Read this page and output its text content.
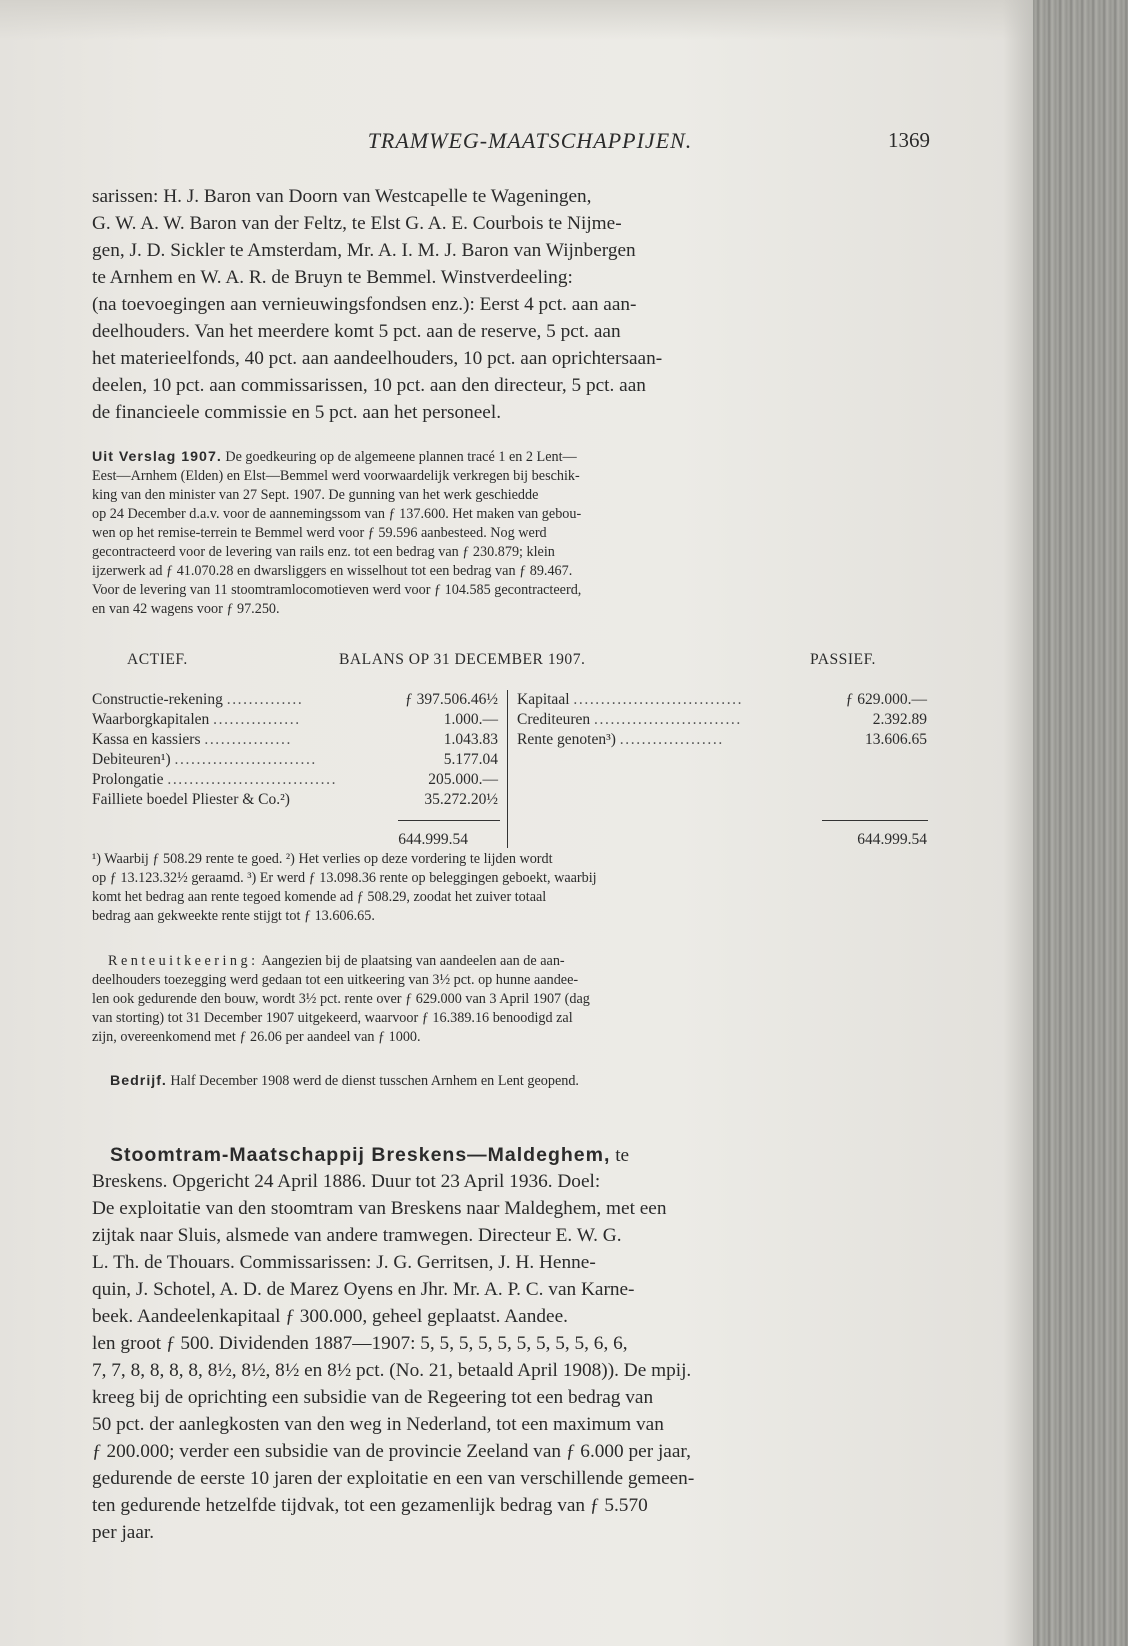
TRAMWEG-MAATSCHAPPIJEN.	1369
sarissen: H. J. Baron van Doorn van Westcapelle te Wageningen,
G. W. A. W. Baron van der Feltz, te Elst G. A. E. Courbois te Nijme-
gen, J. D. Sickler te Amsterdam, Mr. A. I. M. J. Baron van Wijnbergen
te Arnhem en W. A. R. de Bruyn te Bemmel. Winstverdeeling:
(na toevoegingen aan vernieuwingsfondsen enz.): Eerst 4 pct. aan aan-
deelhouders. Van het meerdere komt 5 pct. aan de reserve, 5 pct. aan
het materieelfonds, 40 pct. aan aandeelhouders, 10 pct. aan oprichtersaan-
deelen, 10 pct. aan commissarissen, 10 pct. aan den directeur, 5 pct. aan
de financieele commissie en 5 pct. aan het personeel.
Uit Verslag 1907. De goedkeuring op de algemeene plannen tracé 1 en 2 Lent—
Eest—Arnhem (Elden) en Elst—Bemmel werd voorwaardelijk verkregen bij beschik-
king van den minister van 27 Sept. 1907. De gunning van het werk geschiedde
op 24 December d.a.v. voor de aannemingssom van ƒ 137.600. Het maken van gebou-
wen op het remise-terrein te Bemmel werd voor ƒ 59.596 aanbesteed. Nog werd
gecontracteerd voor de levering van rails enz. tot een bedrag van ƒ 230.879; klein
ijzerwerk ad ƒ 41.070.28 en dwarsliggers en wisselhout tot een bedrag van ƒ 89.467.
Voor de levering van 11 stoomtramlocomotieven werd voor ƒ 104.585 gecontracteerd,
en van 42 wagens voor ƒ 97.250.
ACTIEF.	BALANS OP 31 DECEMBER 1907.	PASSIEF.
Constructie-rekening ..............	ƒ 397.506.46½
Waarborgkapitalen ................	1.000.—
Kassa en kassiers ................	1.043.83
Debiteuren¹) ..........................	5.177.04
Prolongatie ...............................	205.000.—
Failliete boedel Pliester & Co.²)	35.272.20½
Kapitaal ...............................	ƒ 629.000.—
Crediteuren ...........................	2.392.89
Rente genoten³) ...................	13.606.65
644.999.54	644.999.54
¹) Waarbij ƒ 508.29 rente te goed. ²) Het verlies op deze vordering te lijden wordt
op ƒ 13.123.32½ geraamd. ³) Er werd ƒ 13.098.36 rente op beleggingen geboekt, waarbij
komt het bedrag aan rente tegoed komende ad ƒ 508.29, zoodat het zuiver totaal
bedrag aan gekweekte rente stijgt tot ƒ 13.606.65.
Renteuitkeering: Aangezien bij de plaatsing van aandeelen aan de aan-
deelhouders toezegging werd gedaan tot een uitkeering van 3½ pct. op hunne aandee-
len ook gedurende den bouw, wordt 3½ pct. rente over ƒ 629.000 van 3 April 1907 (dag
van storting) tot 31 December 1907 uitgekeerd, waarvoor ƒ 16.389.16 benoodigd zal
zijn, overeenkomend met ƒ 26.06 per aandeel van ƒ 1000.
Bedrijf. Half December 1908 werd de dienst tusschen Arnhem en Lent geopend.
Stoomtram-Maatschappij Breskens—Maldeghem, te
Breskens. Opgericht 24 April 1886. Duur tot 23 April 1936. Doel:
De exploitatie van den stoomtram van Breskens naar Maldeghem, met een
zijtak naar Sluis, alsmede van andere tramwegen. Directeur E. W. G.
L. Th. de Thouars. Commissarissen: J. G. Gerritsen, J. H. Henne-
quin, J. Schotel, A. D. de Marez Oyens en Jhr. Mr. A. P. C. van Karne-
beek. Aandeelenkapitaal ƒ 300.000, geheel geplaatst. Aandee.
len groot ƒ 500. Dividenden 1887—1907: 5, 5, 5, 5, 5, 5, 5, 5, 5, 6, 6,
7, 7, 8, 8, 8, 8, 8½, 8½, 8½ en 8½ pct. (No. 21, betaald April 1908)). De mpij.
kreeg bij de oprichting een subsidie van de Regeering tot een bedrag van
50 pct. der aanlegkosten van den weg in Nederland, tot een maximum van
ƒ 200.000; verder een subsidie van de provincie Zeeland van ƒ 6.000 per jaar,
gedurende de eerste 10 jaren der exploitatie en een van verschillende gemeen-
ten gedurende hetzelfde tijdvak, tot een gezamenlijk bedrag van ƒ 5.570
per jaar.
